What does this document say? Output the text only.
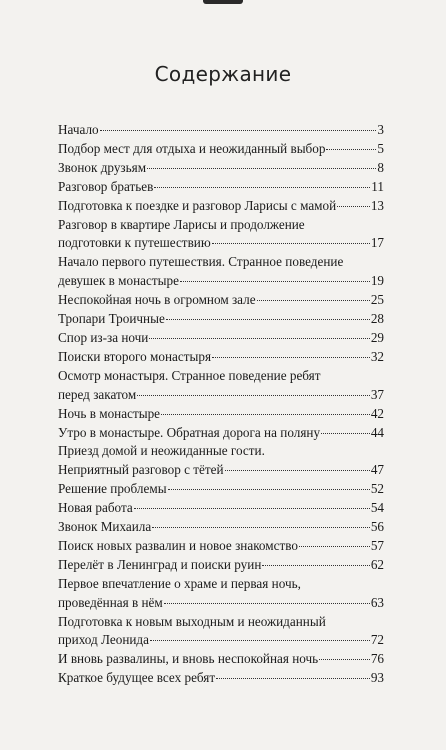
Содержание
Начало	3
Подбор мест для отдыха и неожиданный выбор	5
Звонок друзьям	8
Разговор братьев	11
Подготовка к поездке и разговор Ларисы с мамой	13
Разговор в квартире Ларисы и продолжение
подготовки к путешествию	17
Начало первого путешествия. Странное поведение
девушек в монастыре	19
Неспокойная ночь в огромном зале	25
Тропари Троичные	28
Спор из-за ночи	29
Поиски второго монастыря	32
Осмотр монастыря. Странное поведение ребят
перед закатом	37
Ночь в монастыре	42
Утро в монастыре. Обратная дорога на поляну	44
Приезд домой и неожиданные гости.
Неприятный разговор с тётей	47
Решение проблемы	52
Новая работа	54
Звонок Михаила	56
Поиск новых развалин и новое знакомство	57
Перелёт в Ленинград и поиски руин	62
Первое впечатление о храме и первая ночь,
проведённая в нём	63
Подготовка к новым выходным и неожиданный
приход Леонида	72
И вновь развалины, и вновь неспокойная ночь	76
Краткое будущее всех ребят	93
